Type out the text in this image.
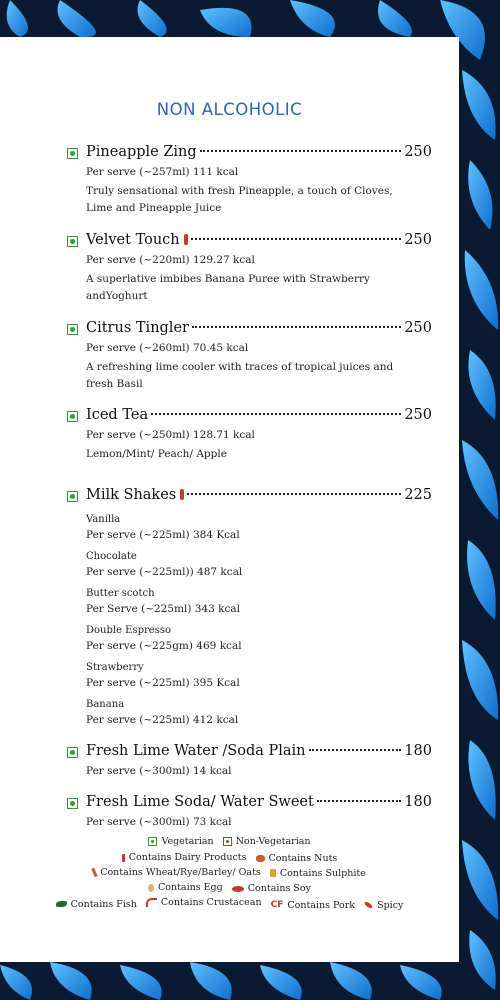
NON ALCOHOLIC
Pineapple Zing	250
Per serve (~257ml) 111 kcal
Truly sensational with fresh Pineapple, a touch of Cloves,
Lime and Pineapple Juice
Velvet Touch	250
Per serve (~220ml) 129.27 kcal
A superlative imbibes Banana Puree with Strawberry
andYoghurt
Citrus Tingler	250
Per serve (~260ml) 70.45 kcal
A refreshing lime cooler with traces of tropical juices and
fresh Basil
Iced Tea	250
Per serve (~250ml) 128.71 kcal
Lemon/Mint/ Peach/ Apple
Milk Shakes	225
Vanilla
Per serve (~225ml) 384 Kcal
Chocolate
Per serve (~225ml)) 487 kcal
Butter scotch
Per Serve (~225ml) 343 kcal
Double Espresso
Per serve (~225gm) 469 kcal
Strawberry
Per serve (~225ml) 395 Kcal
Banana
Per serve (~225ml) 412 kcal
Fresh Lime Water /Soda Plain	180
Per serve (~300ml) 14 kcal
Fresh Lime Soda/ Water Sweet	180
Per serve (~300ml) 73 kcal
Vegetarian
Non-Vegetarian
Contains Dairy Products
Contains Nuts
Contains Wheat/Rye/Barley/ Oats
Contains Sulphite
Contains Egg
	Contains Soy
Contains Fish
	Contains Crustacean
CF Contains Pork
Spicy
